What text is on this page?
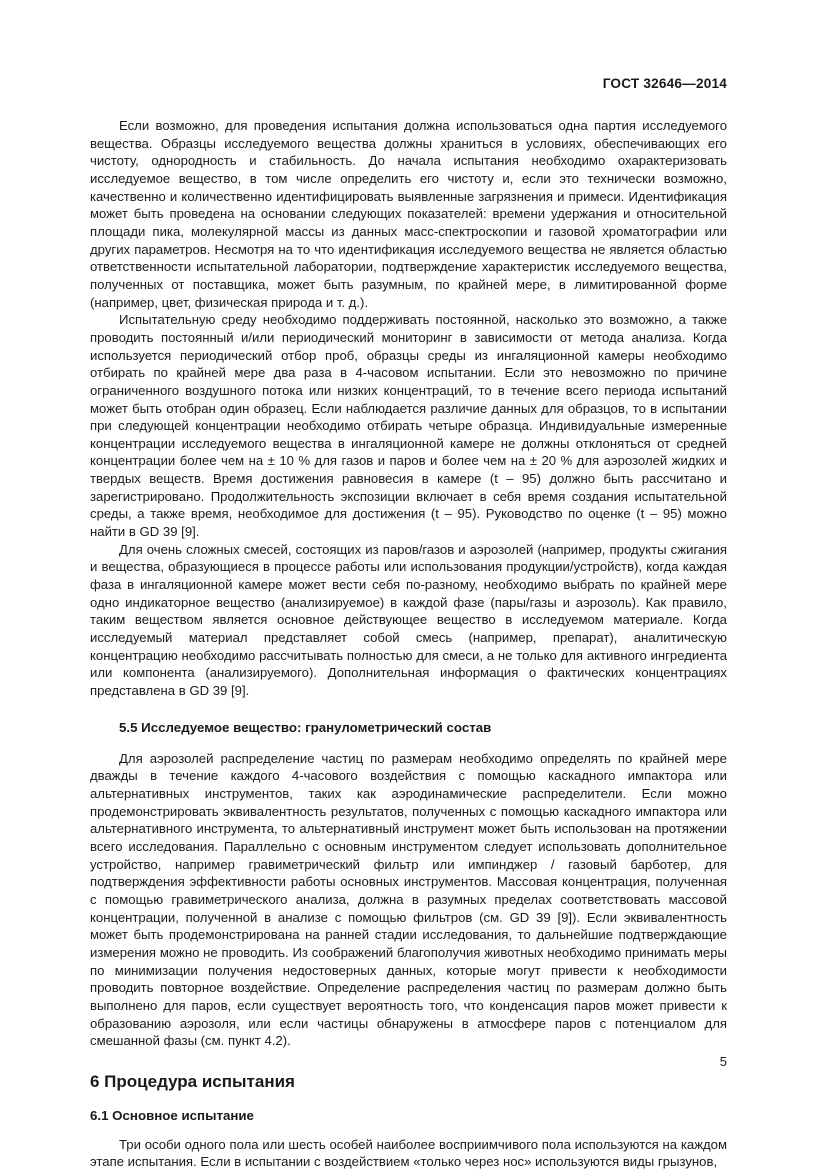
ГОСТ 32646—2014

Если возможно, для проведения испытания должна использоваться одна партия исследуемого вещества. Образцы исследуемого вещества должны храниться в условиях, обеспечивающих его чистоту, однородность и стабильность. До начала испытания необходимо охарактеризовать исследуемое вещество, в том числе определить его чистоту и, если это технически возможно, качественно и количественно идентифицировать выявленные загрязнения и примеси. Идентификация может быть проведена на основании следующих показателей: времени удержания и относительной площади пика, молекулярной массы из данных масс-спектроскопии и газовой хроматографии или других параметров. Несмотря на то что идентификация исследуемого вещества не является областью ответственности испытательной лаборатории, подтверждение характеристик исследуемого вещества, полученных от поставщика, может быть разумным, по крайней мере, в лимитированной форме (например, цвет, физическая природа и т. д.).

Испытательную среду необходимо поддерживать постоянной, насколько это возможно, а также проводить постоянный и/или периодический мониторинг в зависимости от метода анализа. Когда используется периодический отбор проб, образцы среды из ингаляционной камеры необходимо отбирать по крайней мере два раза в 4-часовом испытании. Если это невозможно по причине ограниченного воздушного потока или низких концентраций, то в течение всего периода испытаний может быть отобран один образец. Если наблюдается различие данных для образцов, то в испытании при следующей концентрации необходимо отбирать четыре образца. Индивидуальные измеренные концентрации исследуемого вещества в ингаляционной камере не должны отклоняться от средней концентрации более чем на ± 10 % для газов и паров и более чем на ± 20 % для аэрозолей жидких и твердых веществ. Время достижения равновесия в камере (t – 95) должно быть рассчитано и зарегистрировано. Продолжительность экспозиции включает в себя время создания испытательной среды, а также время, необходимое для достижения (t – 95). Руководство по оценке (t – 95) можно найти в GD 39 [9].

Для очень сложных смесей, состоящих из паров/газов и аэрозолей (например, продукты сжигания и вещества, образующиеся в процессе работы или использования продукции/устройств), когда каждая фаза в ингаляционной камере может вести себя по-разному, необходимо выбрать по крайней мере одно индикаторное вещество (анализируемое) в каждой фазе (пары/газы и аэрозоль). Как правило, таким веществом является основное действующее вещество в исследуемом материале. Когда исследуемый материал представляет собой смесь (например, препарат), аналитическую концентрацию необходимо рассчитывать полностью для смеси, а не только для активного ингредиента или компонента (анализируемого). Дополнительная информация о фактических концентрациях представлена в GD 39 [9].

5.5 Исследуемое вещество: гранулометрический состав

Для аэрозолей распределение частиц по размерам необходимо определять по крайней мере дважды в течение каждого 4-часового воздействия с помощью каскадного импактора или альтернативных инструментов, таких как аэродинамические распределители. Если можно продемонстрировать эквивалентность результатов, полученных с помощью каскадного импактора или альтернативного инструмента, то альтернативный инструмент может быть использован на протяжении всего исследования. Параллельно с основным инструментом следует использовать дополнительное устройство, например гравиметрический фильтр или импинджер / газовый барботер, для подтверждения эффективности работы основных инструментов. Массовая концентрация, полученная с помощью гравиметрического анализа, должна в разумных пределах соответствовать массовой концентрации, полученной в анализе с помощью фильтров (см. GD 39 [9]). Если эквивалентность может быть продемонстрирована на ранней стадии исследования, то дальнейшие подтверждающие измерения можно не проводить. Из соображений благополучия животных необходимо принимать меры по минимизации получения недостоверных данных, которые могут привести к необходимости проводить повторное воздействие. Определение распределения частиц по размерам должно быть выполнено для паров, если существует вероятность того, что конденсация паров может привести к образованию аэрозоля, или если частицы обнаружены в атмосфере паров с потенциалом для смешанной фазы (см. пункт 4.2).

6 Процедура испытания
6.1 Основное испытание

Три особи одного пола или шесть особей наиболее восприимчивого пола используются на каждом этапе испытания. Если в испытании с воздействием «только через нос» используются виды грызунов,

5
